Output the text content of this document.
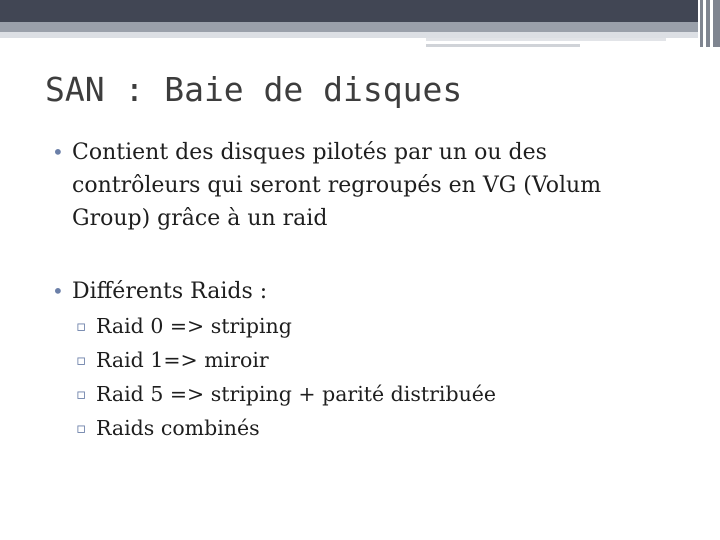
SAN : Baie de disques
• Contient des disques pilotés par un ou des contrôleurs qui seront regroupés en VG (Volum Group) grâce à un raid
• Différents Raids :
▫ Raid 0 => striping
▫ Raid 1=> miroir
▫ Raid 5 => striping + parité distribuée
▫ Raids combinés
